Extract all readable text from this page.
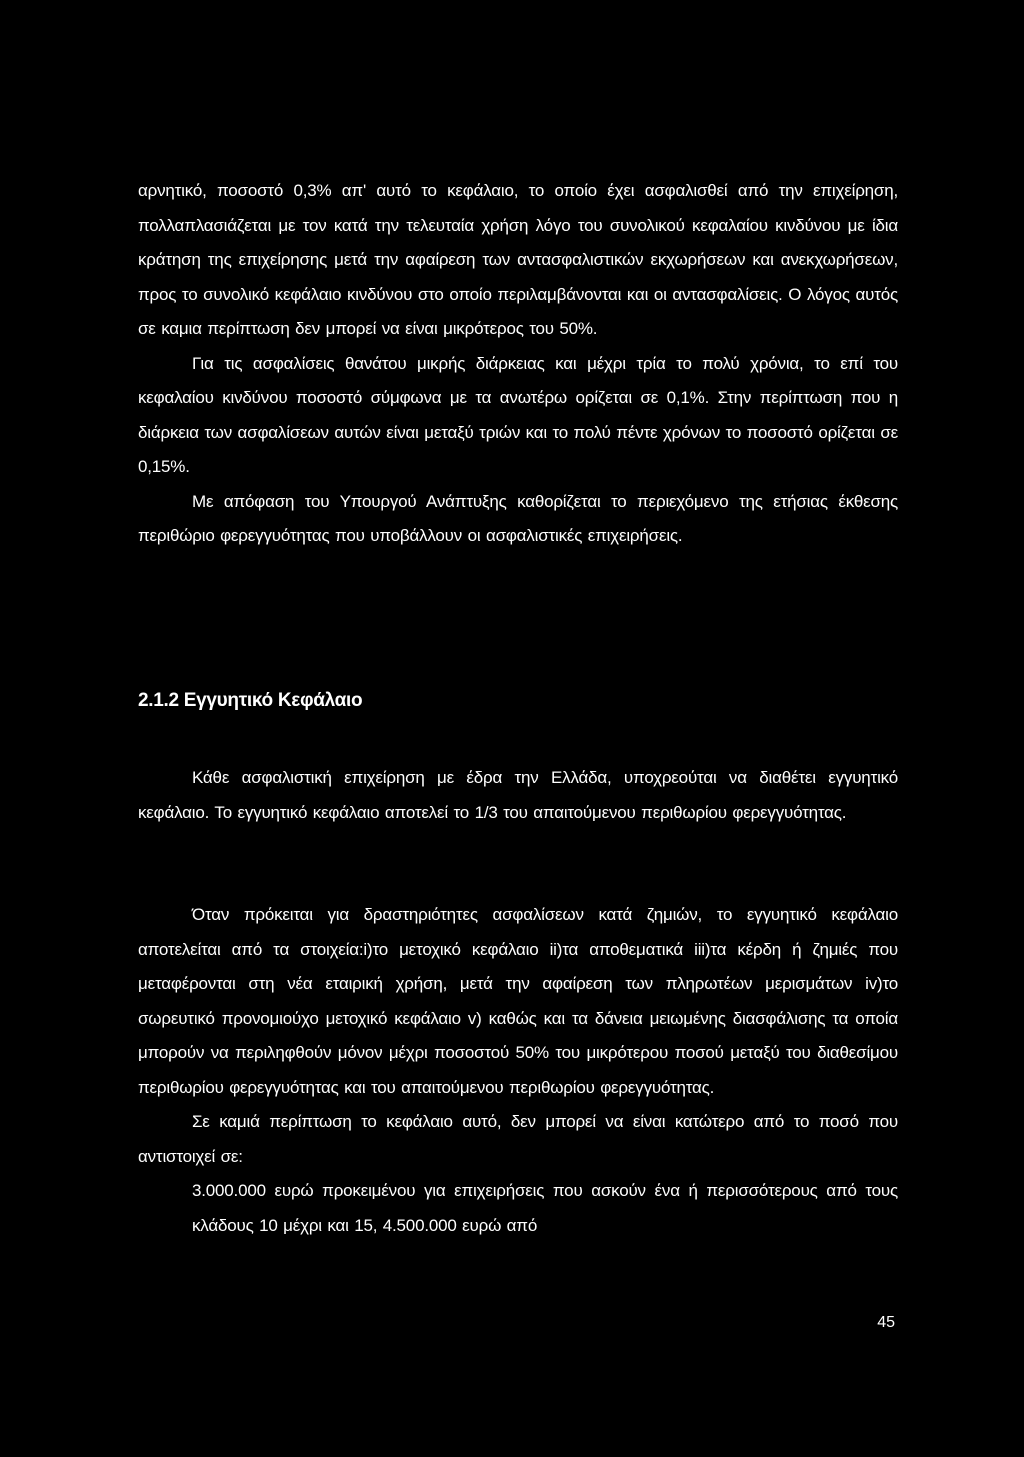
αρνητικό, ποσοστό 0,3% απ' αυτό το κεφάλαιο, το οποίο έχει ασφαλισθεί από την επιχείρηση, πολλαπλασιάζεται με τον κατά την τελευταία χρήση λόγο του συνολικού κεφαλαίου κινδύνου με ίδια κράτηση της επιχείρησης μετά την αφαίρεση των αντασφαλιστικών εκχωρήσεων και ανεκχωρήσεων, προς το συνολικό κεφάλαιο κινδύνου στο οποίο περιλαμβάνονται και οι αντασφαλίσεις. Ο λόγος αυτός σε καμια περίπτωση δεν μπορεί να είναι μικρότερος του 50%.

Για τις ασφαλίσεις θανάτου μικρής διάρκειας και μέχρι τρία το πολύ χρόνια, το επί του κεφαλαίου κινδύνου ποσοστό σύμφωνα με τα ανωτέρω ορίζεται σε 0,1%. Στην περίπτωση που η διάρκεια των ασφαλίσεων αυτών είναι μεταξύ τριών και το πολύ πέντε χρόνων το ποσοστό ορίζεται σε 0,15%.

Με απόφαση του Υπουργού Ανάπτυξης καθορίζεται το περιεχόμενο της ετήσιας έκθεσης περιθώριο φερεγγυότητας που υποβάλλουν οι ασφαλιστικές επιχειρήσεις.

2.1.2 Εγγυητικό Κεφάλαιο

Κάθε ασφαλιστική επιχείρηση με έδρα την Ελλάδα, υποχρεούται να διαθέτει εγγυητικό κεφάλαιο. Το εγγυητικό κεφάλαιο αποτελεί το 1/3 του απαιτούμενου περιθωρίου φερεγγυότητας.

Όταν πρόκειται για δραστηριότητες ασφαλίσεων κατά ζημιών, το εγγυητικό κεφάλαιο αποτελείται από τα στοιχεία:i)το μετοχικό κεφάλαιο ii)τα αποθεματικά iii)τα κέρδη ή ζημιές που μεταφέρονται στη νέα εταιρική χρήση, μετά την αφαίρεση των πληρωτέων μερισμάτων iv)το σωρευτικό προνομιούχο μετοχικό κεφάλαιο v) καθώς και τα δάνεια μειωμένης διασφάλισης τα οποία μπορούν να περιληφθούν μόνον μέχρι ποσοστού 50% του μικρότερου ποσού μεταξύ του διαθεσίμου περιθωρίου φερεγγυότητας και του απαιτούμενου περιθωρίου φερεγγυότητας.

Σε καμιά περίπτωση το κεφάλαιο αυτό, δεν μπορεί να είναι κατώτερο από το ποσό που αντιστοιχεί σε:

3.000.000 ευρώ προκειμένου για επιχειρήσεις που ασκούν ένα ή περισσότερους από τους κλάδους 10 μέχρι και 15, 4.500.000 ευρώ από

45
